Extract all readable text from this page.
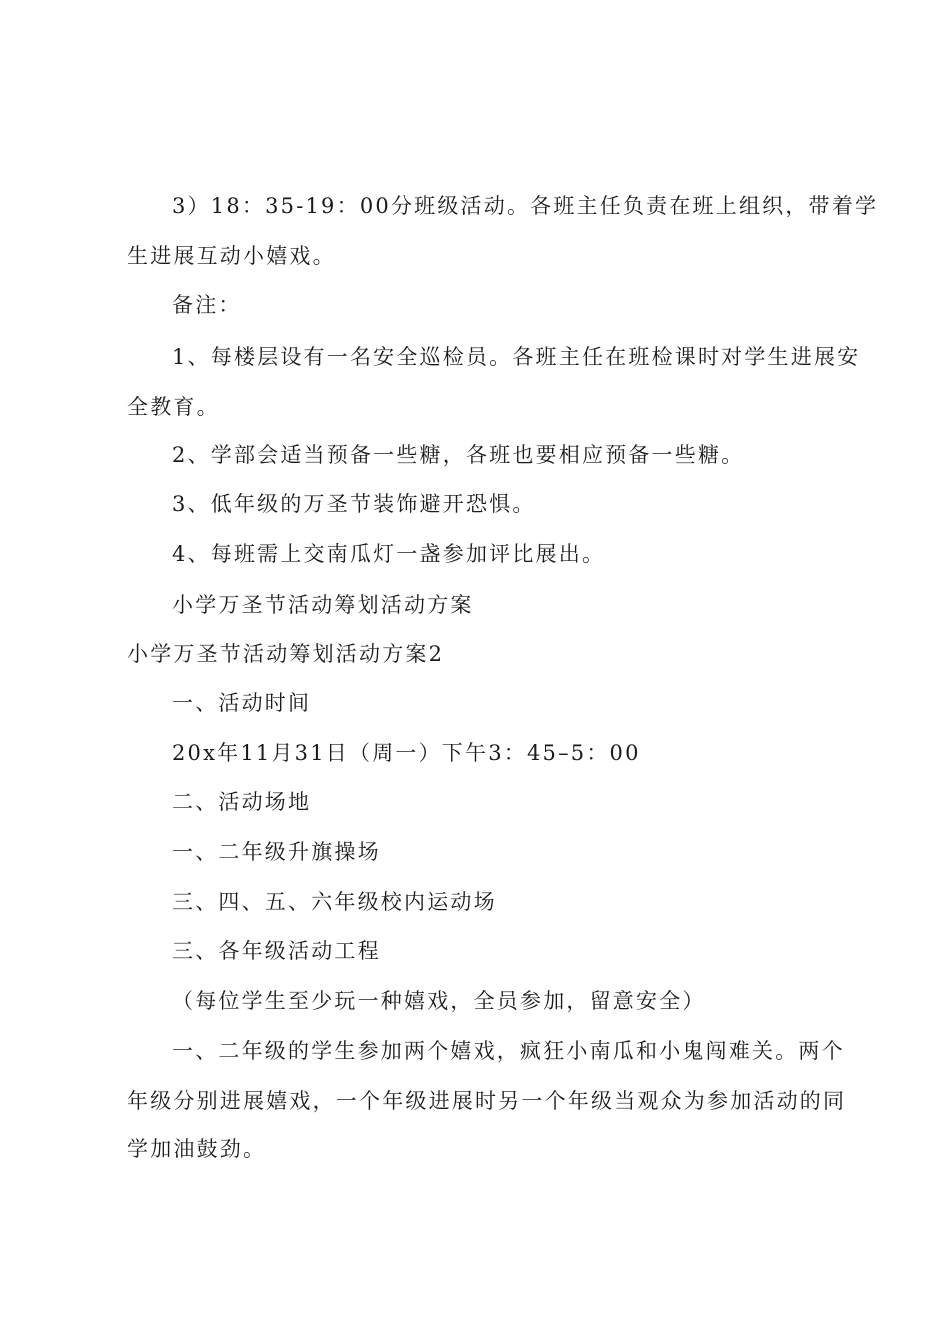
3）18：35-19：00分班级活动。各班主任负责在班上组织，带着学
生进展互动小嬉戏。
备注：
1、每楼层设有一名安全巡检员。各班主任在班检课时对学生进展安
全教育。
2、学部会适当预备一些糖，各班也要相应预备一些糖。
3、低年级的万圣节装饰避开恐惧。
4、每班需上交南瓜灯一盏参加评比展出。
小学万圣节活动筹划活动方案
小学万圣节活动筹划活动方案2
一、活动时间
20x年11月31日（周一）下午3：45–5：00
二、活动场地
一、二年级升旗操场
三、四、五、六年级校内运动场
三、各年级活动工程
（每位学生至少玩一种嬉戏，全员参加，留意安全）
一、二年级的学生参加两个嬉戏，疯狂小南瓜和小鬼闯难关。两个
年级分别进展嬉戏，一个年级进展时另一个年级当观众为参加活动的同
学加油鼓劲。
